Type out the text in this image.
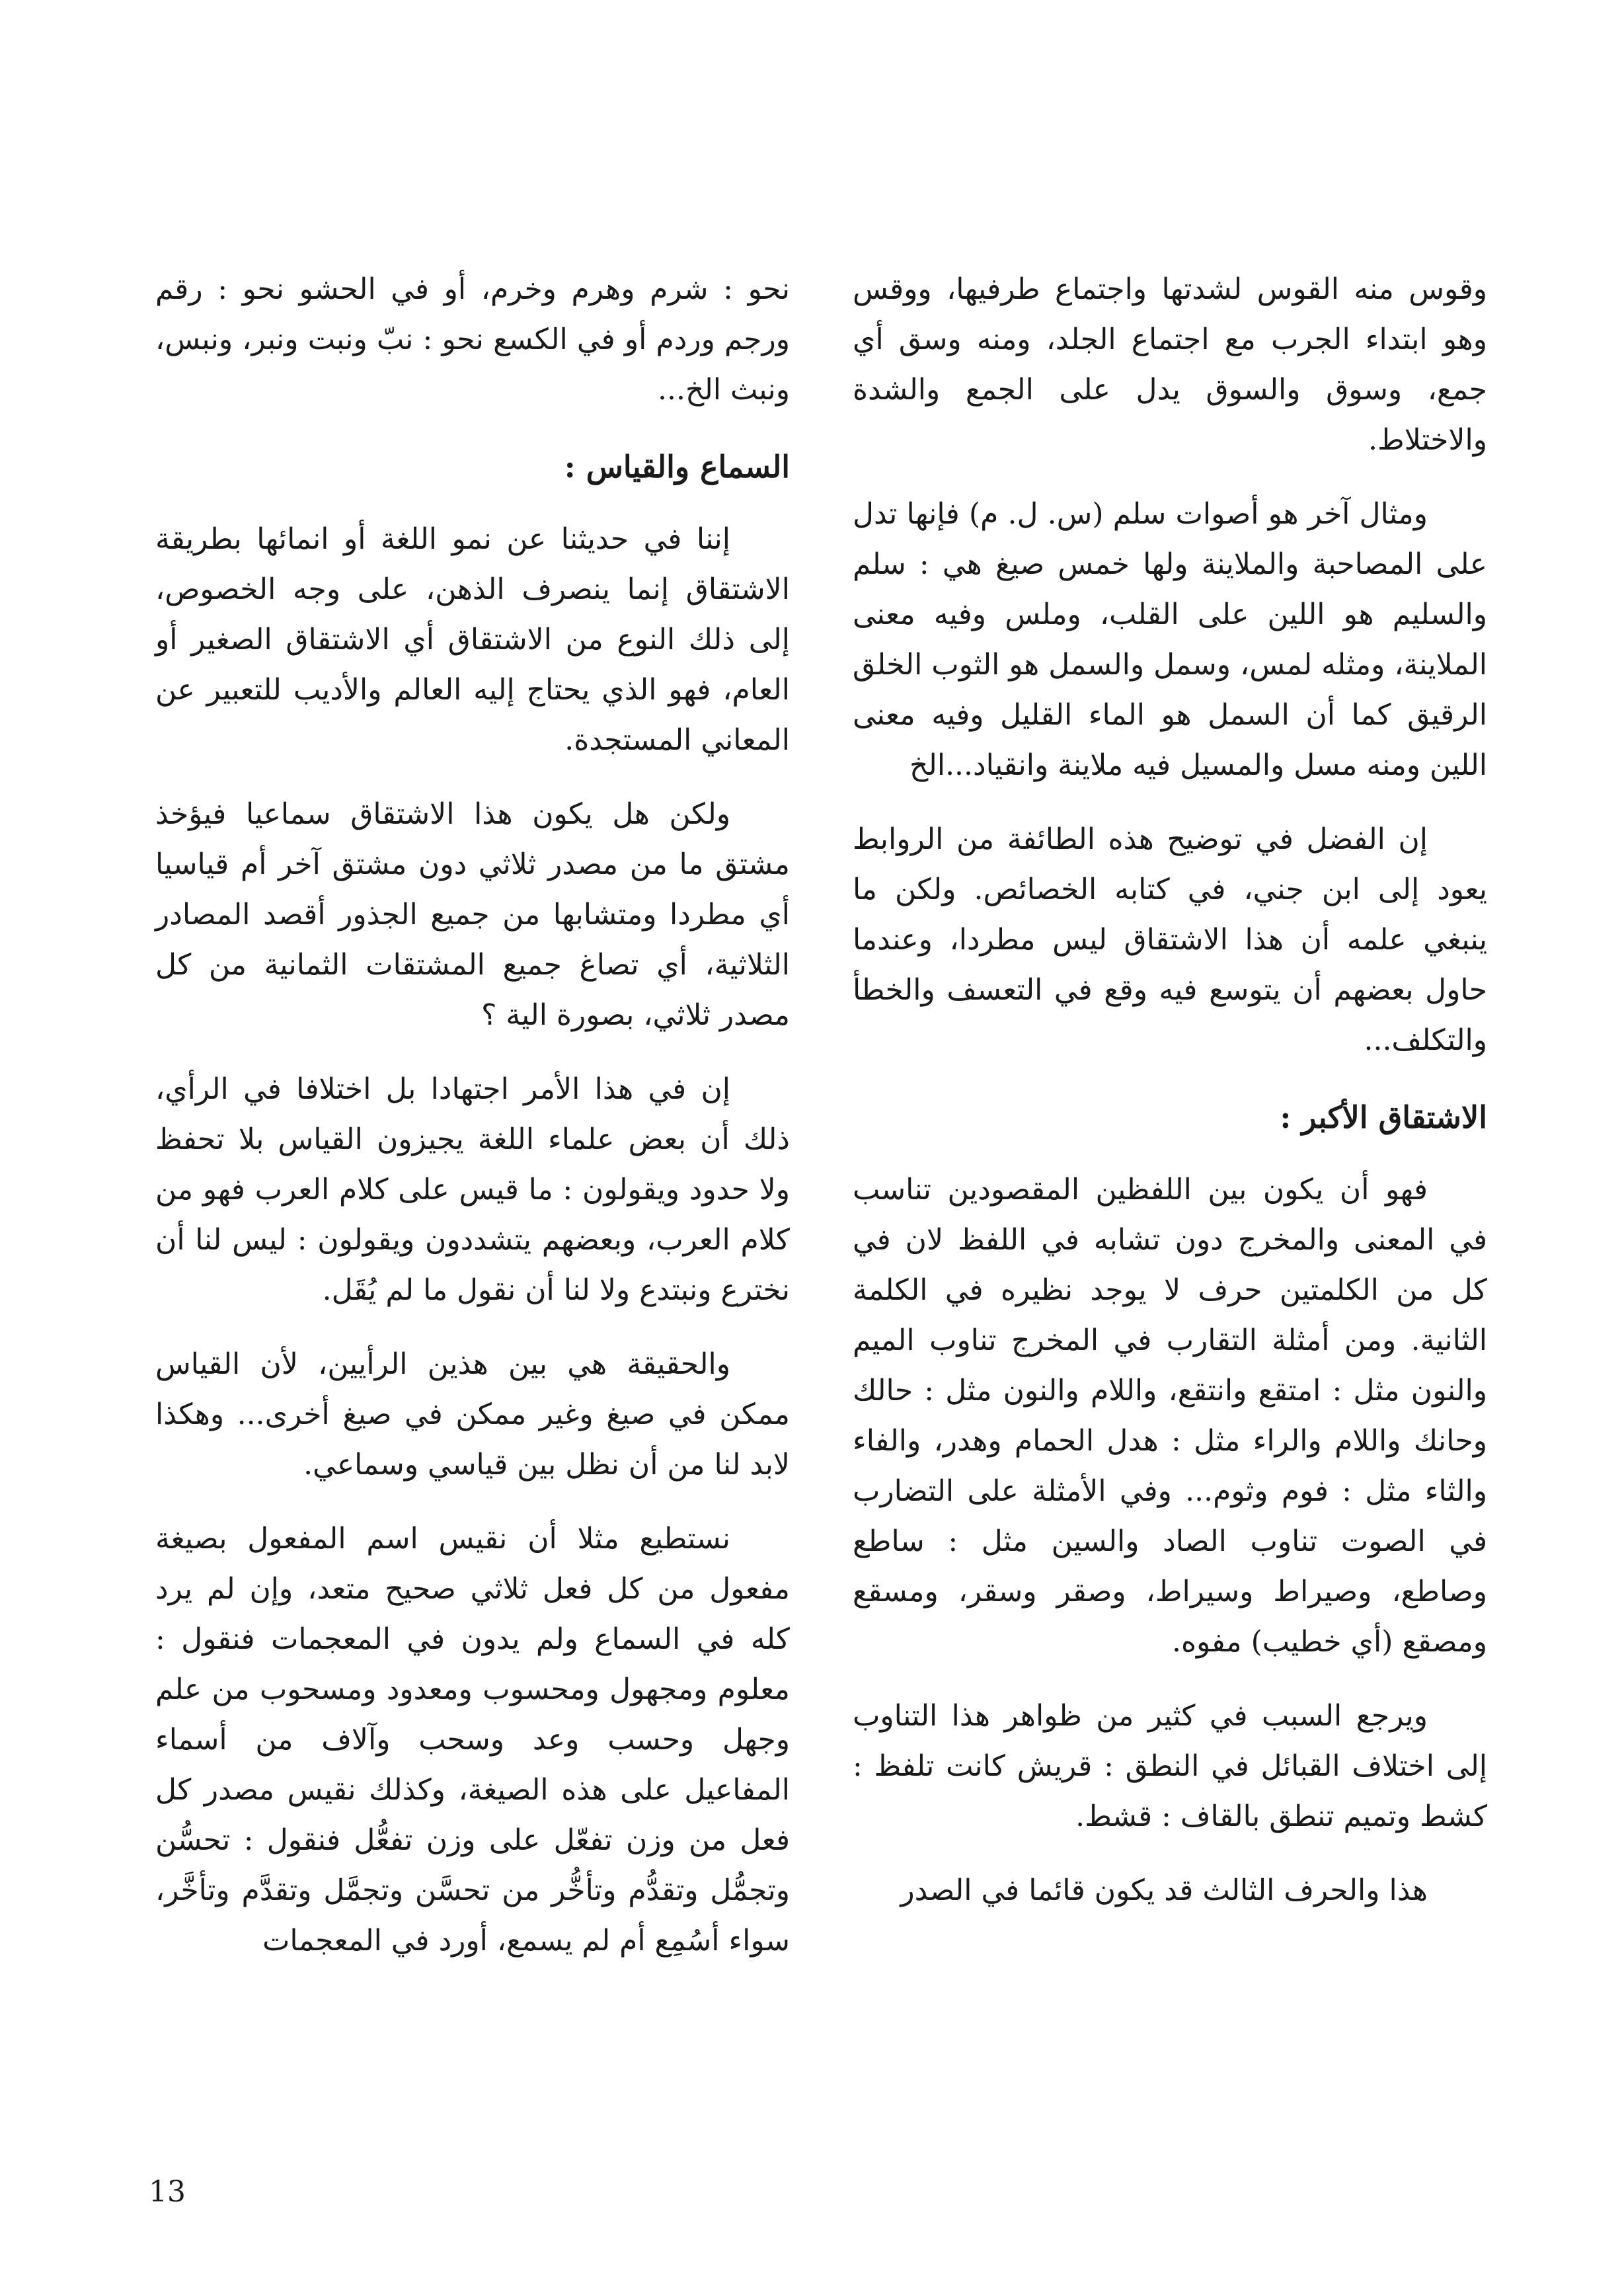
وقوس منه القوس لشدتها واجتماع طرفيها، ووقس وهو ابتداء الجرب مع اجتماع الجلد، ومنه وسق أي جمع، وسوق والسوق يدل على الجمع والشدة والاختلاط.

ومثال آخر هو أصوات سلم (س. ل. م) فإنها تدل على المصاحبة والملاينة ولها خمس صيغ هي : سلم والسليم هو اللين على القلب، وملس وفيه معنى الملاينة، ومثله لمس، وسمل والسمل هو الثوب الخلق الرقيق كما أن السمل هو الماء القليل وفيه معنى اللين ومنه مسل والمسيل فيه ملاينة وانقياد...الخ

إن الفضل في توضيح هذه الطائفة من الروابط يعود إلى ابن جني، في كتابه الخصائص. ولكن ما ينبغي علمه أن هذا الاشتقاق ليس مطردا، وعندما حاول بعضهم أن يتوسع فيه وقع في التعسف والخطأ والتكلف...

الاشتقاق الأكبر :

فهو أن يكون بين اللفظين المقصودين تناسب في المعنى والمخرج دون تشابه في اللفظ لان في كل من الكلمتين حرف لا يوجد نظيره في الكلمة الثانية. ومن أمثلة التقارب في المخرج تناوب الميم والنون مثل : امتقع وانتقع، واللام والنون مثل : حالك وحانك واللام والراء مثل : هدل الحمام وهدر، والفاء والثاء مثل : فوم وثوم... وفي الأمثلة على التضارب في الصوت تناوب الصاد والسين مثل : ساطع وصاطع، وصيراط وسيراط، وصقر وسقر، ومسقع ومصقع (أي خطيب) مفوه.

ويرجع السبب في كثير من ظواهر هذا التناوب إلى اختلاف القبائل في النطق : قريش كانت تلفظ : كشط وتميم تنطق بالقاف : قشط.

هذا والحرف الثالث قد يكون قائما في الصدر

نحو : شرم وهرم وخرم، أو في الحشو نحو : رقم ورجم وردم أو في الكسع نحو : نبّ ونبت ونبر، ونبس، ونبث الخ...

السماع والقياس :

إننا في حديثنا عن نمو اللغة أو انمائها بطريقة الاشتقاق إنما ينصرف الذهن، على وجه الخصوص، إلى ذلك النوع من الاشتقاق أي الاشتقاق الصغير أو العام، فهو الذي يحتاج إليه العالم والأديب للتعبير عن المعاني المستجدة.

ولكن هل يكون هذا الاشتقاق سماعيا فيؤخذ مشتق ما من مصدر ثلاثي دون مشتق آخر أم قياسيا أي مطردا ومتشابها من جميع الجذور أقصد المصادر الثلاثية، أي تصاغ جميع المشتقات الثمانية من كل مصدر ثلاثي، بصورة الية ؟

إن في هذا الأمر اجتهادا بل اختلافا في الرأي، ذلك أن بعض علماء اللغة يجيزون القياس بلا تحفظ ولا حدود ويقولون : ما قيس على كلام العرب فهو من كلام العرب، وبعضهم يتشددون ويقولون : ليس لنا أن نخترع ونبتدع ولا لنا أن نقول ما لم يُقَل.

والحقيقة هي بين هذين الرأيين، لأن القياس ممكن في صيغ وغير ممكن في صيغ أخرى... وهكذا لابد لنا من أن نظل بين قياسي وسماعي.

نستطيع مثلا أن نقيس اسم المفعول بصيغة مفعول من كل فعل ثلاثي صحيح متعد، وإن لم يرد كله في السماع ولم يدون في المعجمات فنقول : معلوم ومجهول ومحسوب ومعدود ومسحوب من علم وجهل وحسب وعد وسحب وآلاف من أسماء المفاعيل على هذه الصيغة، وكذلك نقيس مصدر كل فعل من وزن تفعّل على وزن تفعُّل فنقول : تحسُّن وتجمُّل وتقدُّم وتأخُّر من تحسَّن وتجمَّل وتقدَّم وتأخَّر، سواء أسُمِع أم لم يسمع، أورد في المعجمات

13
